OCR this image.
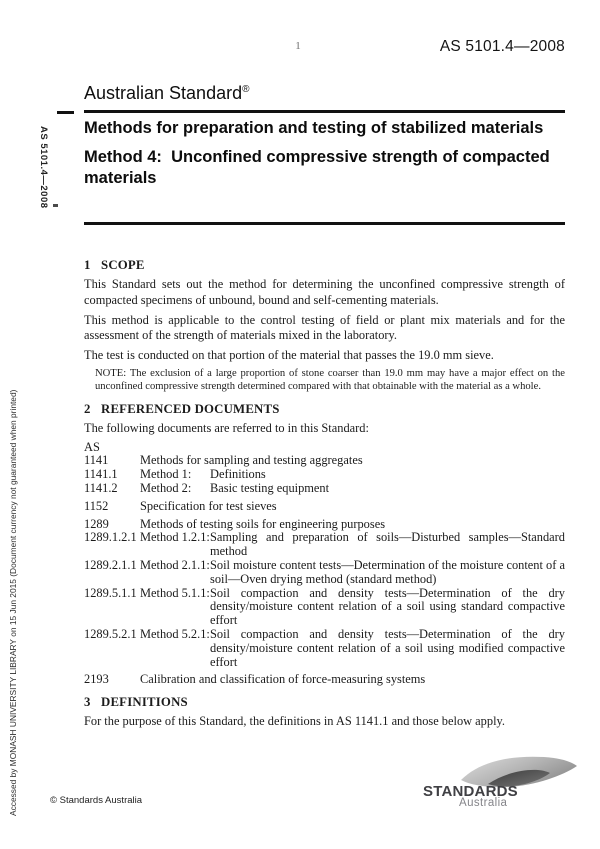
1	AS 5101.4—2008
Australian Standard®
Methods for preparation and testing of stabilized materials
Method 4:  Unconfined compressive strength of compacted materials
AS 5101.4—2008
Accessed by MONASH UNIVERSITY LIBRARY on 15 Jun 2015 (Document currency not guaranteed when printed)

1 SCOPE

This Standard sets out the method for determining the unconfined compressive strength of compacted specimens of unbound, bound and self-cementing materials.

This method is applicable to the control testing of field or plant mix materials and for the assessment of the strength of materials mixed in the laboratory.

The test is conducted on that portion of the material that passes the 19.0 mm sieve.

NOTE: The exclusion of a large proportion of stone coarser than 19.0 mm may have a major effect on the unconfined compressive strength determined compared with that obtainable with the material as a whole.

2 REFERENCED DOCUMENTS

The following documents are referred to in this Standard:

AS

1141	Methods for sampling and testing aggregates
1141.1	Method 1:	Definitions
1141.2	Method 2:	Basic testing equipment
1152	Specification for test sieves
1289	Methods of testing soils for engineering purposes
1289.1.2.1 Method 1.2.1: Sampling and preparation of soils—Disturbed samples—Standard method
1289.2.1.1 Method 2.1.1: Soil moisture content tests—Determination of the moisture content of a soil—Oven drying method (standard method)
1289.5.1.1 Method 5.1.1: Soil compaction and density tests—Determination of the dry density/moisture content relation of a soil using standard compactive effort
1289.5.2.1 Method 5.2.1: Soil compaction and density tests—Determination of the dry density/moisture content relation of a soil using modified compactive effort
2193	Calibration and classification of force-measuring systems

3 DEFINITIONS

For the purpose of this Standard, the definitions in AS 1141.1 and those below apply.

© Standards Australia
STANDARDS
Australia
